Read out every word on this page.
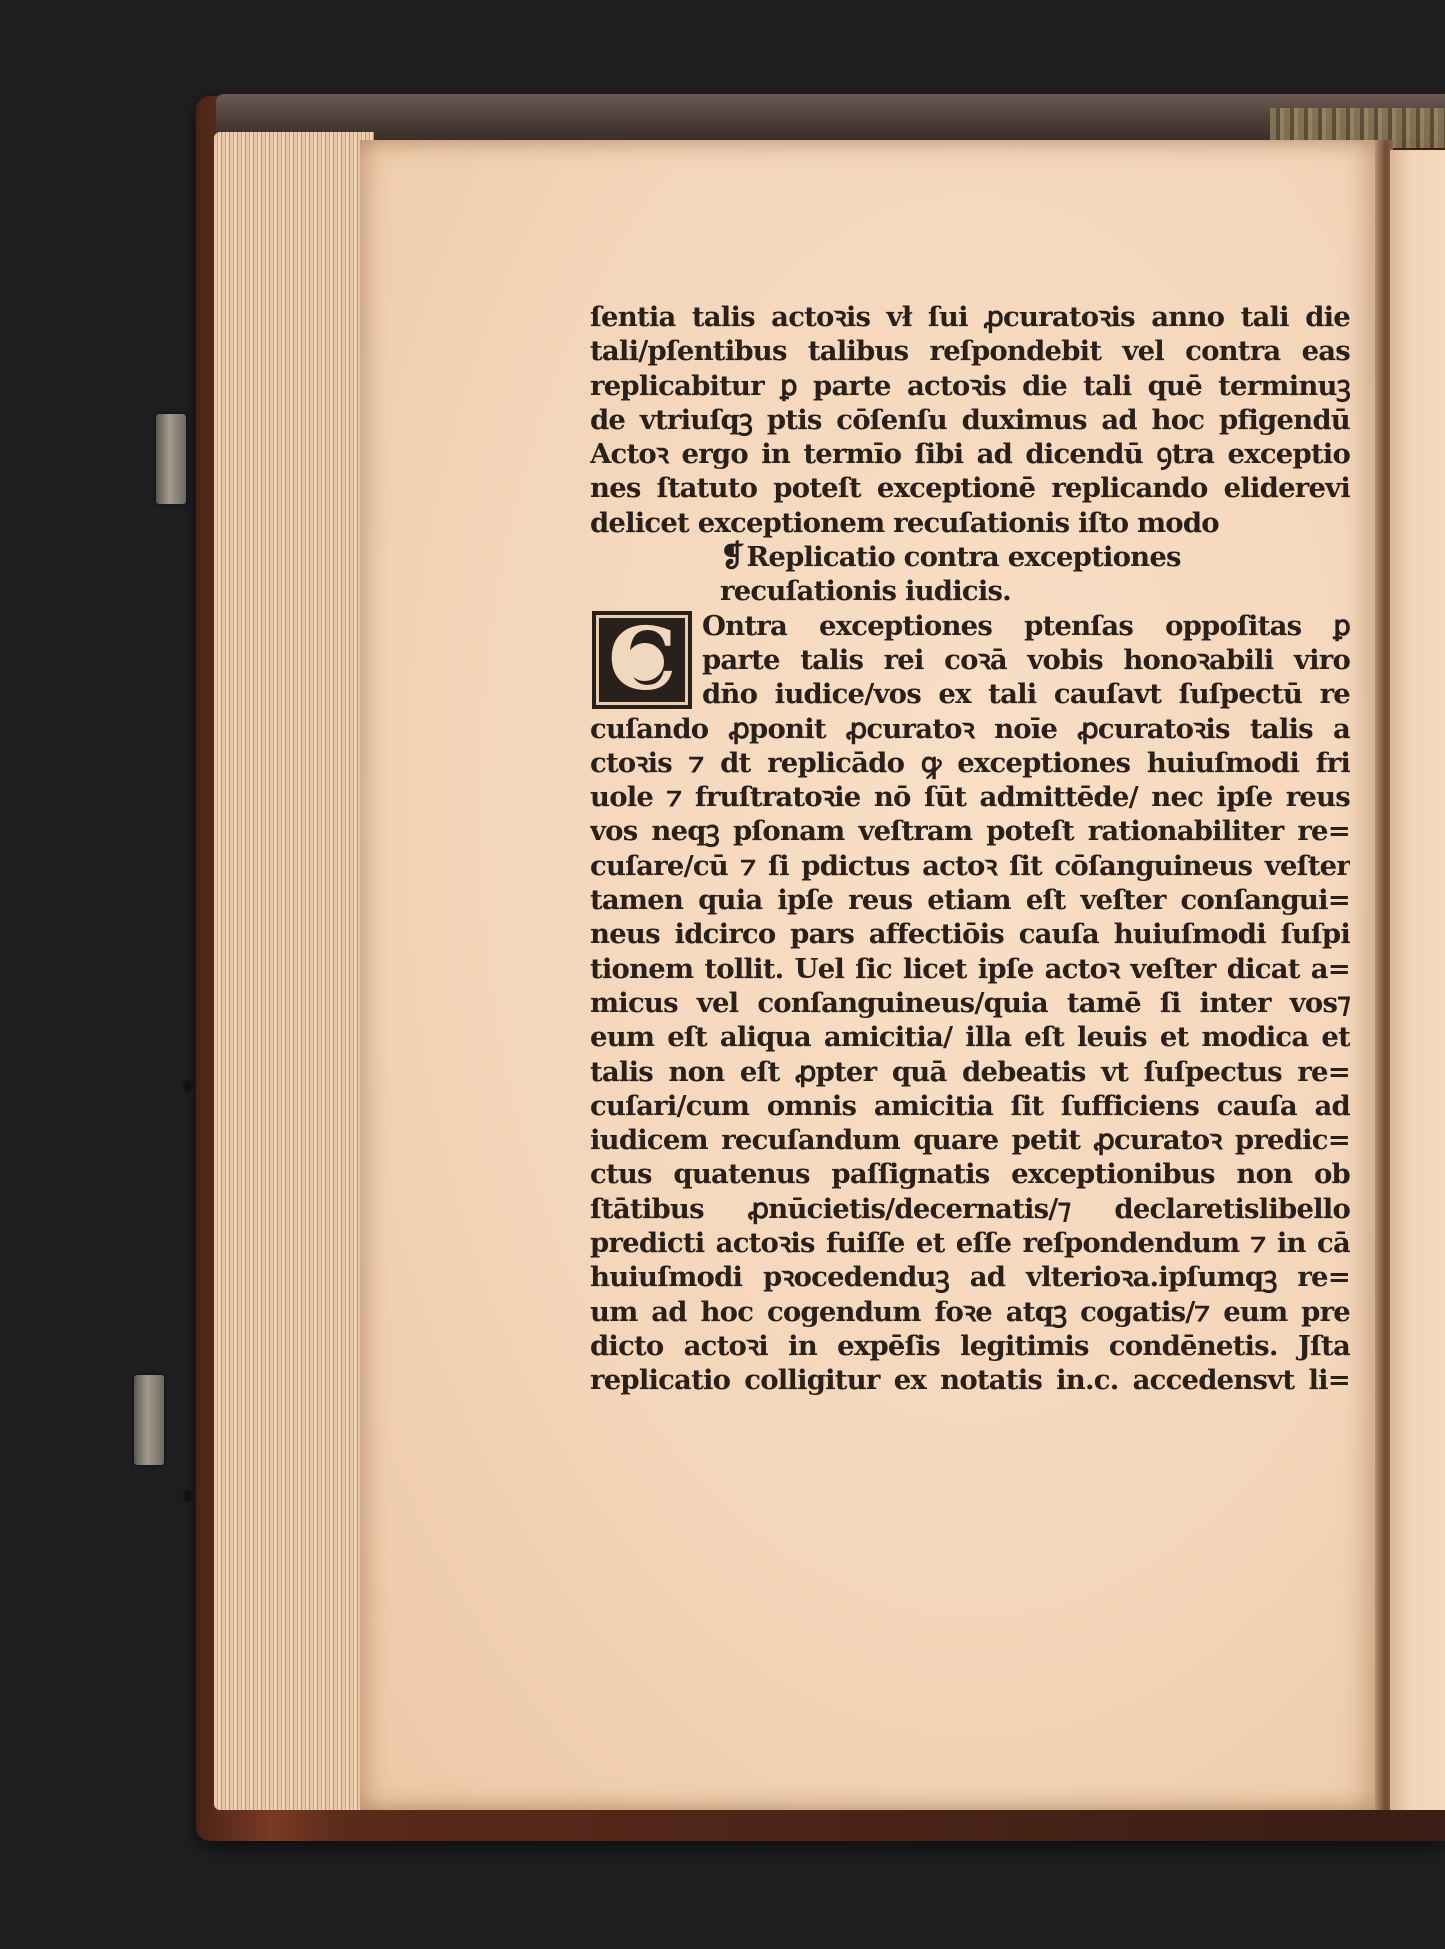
ſentia talis actoꝛis vł ſui ꝓcuratoꝛis anno tali die
tali/pſentibus talibus reſpondebit vel contra eas
replicabitur ꝑ parte actoꝛis die tali quē terminuꝫ
de vtriuſqꝫ ptis cōſenſu duximus ad hoc pfigendū
Actoꝛ ergo in termīo ſibi ad dicendū ꝯtra exceptio
nes ſtatuto poteſt exceptionē replicando eliderevi
delicet exceptionem recuſationis iſto modo
❡Replicatio contra exceptiones
recuſationis iudicis.
C Ontra exceptiones ptenſas oppoſitas ꝑ
parte talis rei coꝛā vobis honoꝛabili viro
dn̄o iudice/vos ex tali cauſavt ſuſpectū re
cuſando ꝓponit ꝓcuratoꝛ noīe ꝓcuratoꝛis talis a
ctoꝛis ⁊ dt replicādo ꝙ exceptiones huiuſmodi fri
uole ⁊ fruſtratoꝛie nō ſūt admittēde/ nec ipſe reus
vos neqꝫ pſonam veſtram poteſt rationabiliter re=
cuſare/cū ⁊ ſi pdictus actoꝛ ſit cōſanguineus veſter
tamen quia ipſe reus etiam eſt veſter conſangui=
neus idcirco pars affectiōis cauſa huiuſmodi ſuſpi
tionem tollit. Uel ſic licet ipſe actoꝛ veſter dicat a=
micus vel conſanguineus/quia tamē ſi inter vos⁊
eum eſt aliqua amicitia/ illa eſt leuis et modica et
talis non eſt ꝓpter quā debeatis vt ſuſpectus re=
cuſari/cum omnis amicitia ſit ſufficiens cauſa ad
iudicem recuſandum quare petit ꝓcuratoꝛ predic=
ctus quatenus paſſignatis exceptionibus non ob
ſtātibus ꝓnūcietis/decernatis/⁊ declaretislibello
predicti actoꝛis fuiſſe et eſſe reſpondendum ⁊ in cā
huiuſmodi pꝛocedenduꝫ ad vlterioꝛa.ipſumqꝫ re=
um ad hoc cogendum foꝛe atqꝫ cogatis/⁊ eum pre
dicto actoꝛi in expēſis legitimis condēnetis. Jſta
replicatio colligitur ex notatis in.c. accedensvt li=
